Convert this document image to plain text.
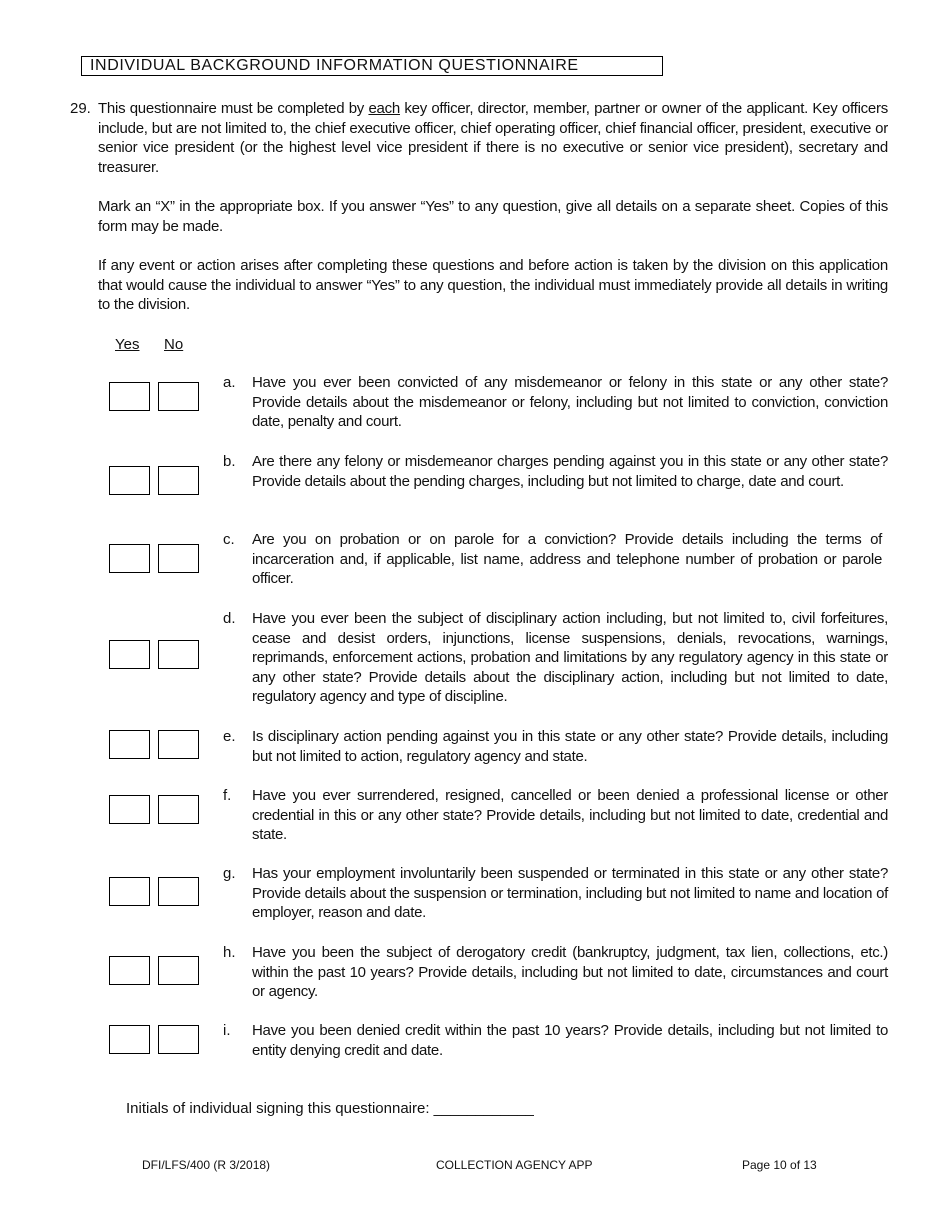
INDIVIDUAL BACKGROUND INFORMATION QUESTIONNAIRE
29. This questionnaire must be completed by each key officer, director, member, partner or owner of the applicant. Key officers include, but are not limited to, the chief executive officer, chief operating officer, chief financial officer, president, executive or senior vice president (or the highest level vice president if there is no executive or senior vice president), secretary and treasurer.

Mark an “X” in the appropriate box. If you answer “Yes” to any question, give all details on a separate sheet. Copies of this form may be made.

If any event or action arises after completing these questions and before action is taken by the division on this application that would cause the individual to answer “Yes” to any question, the individual must immediately provide all details in writing to the division.

Yes No
a. Have you ever been convicted of any misdemeanor or felony in this state or any other state? Provide details about the misdemeanor or felony, including but not limited to conviction, conviction date, penalty and court.

b. Are there any felony or misdemeanor charges pending against you in this state or any other state? Provide details about the pending charges, including but not limited to charge, date and court.

c. Are you on probation or on parole for a conviction? Provide details including the terms of incarceration and, if applicable, list name, address and telephone number of probation or parole officer.

d. Have you ever been the subject of disciplinary action including, but not limited to, civil forfeitures, cease and desist orders, injunctions, license suspensions, denials, revocations, warnings, reprimands, enforcement actions, probation and limitations by any regulatory agency in this state or any other state? Provide details about the disciplinary action, including but not limited to date, regulatory agency and type of discipline.

e. Is disciplinary action pending against you in this state or any other state? Provide details, including but not limited to action, regulatory agency and state.

f. Have you ever surrendered, resigned, cancelled or been denied a professional license or other credential in this or any other state? Provide details, including but not limited to date, credential and state.

g. Has your employment involuntarily been suspended or terminated in this state or any other state? Provide details about the suspension or termination, including but not limited to name and location of employer, reason and date.

h. Have you been the subject of derogatory credit (bankruptcy, judgment, tax lien, collections, etc.) within the past 10 years? Provide details, including but not limited to date, circumstances and court or agency.

i. Have you been denied credit within the past 10 years? Provide details, including but not limited to entity denying credit and date.

Initials of individual signing this questionnaire: ____________
DFI/LFS/400 (R 3/2018)	COLLECTION AGENCY APP	Page 10 of 13
